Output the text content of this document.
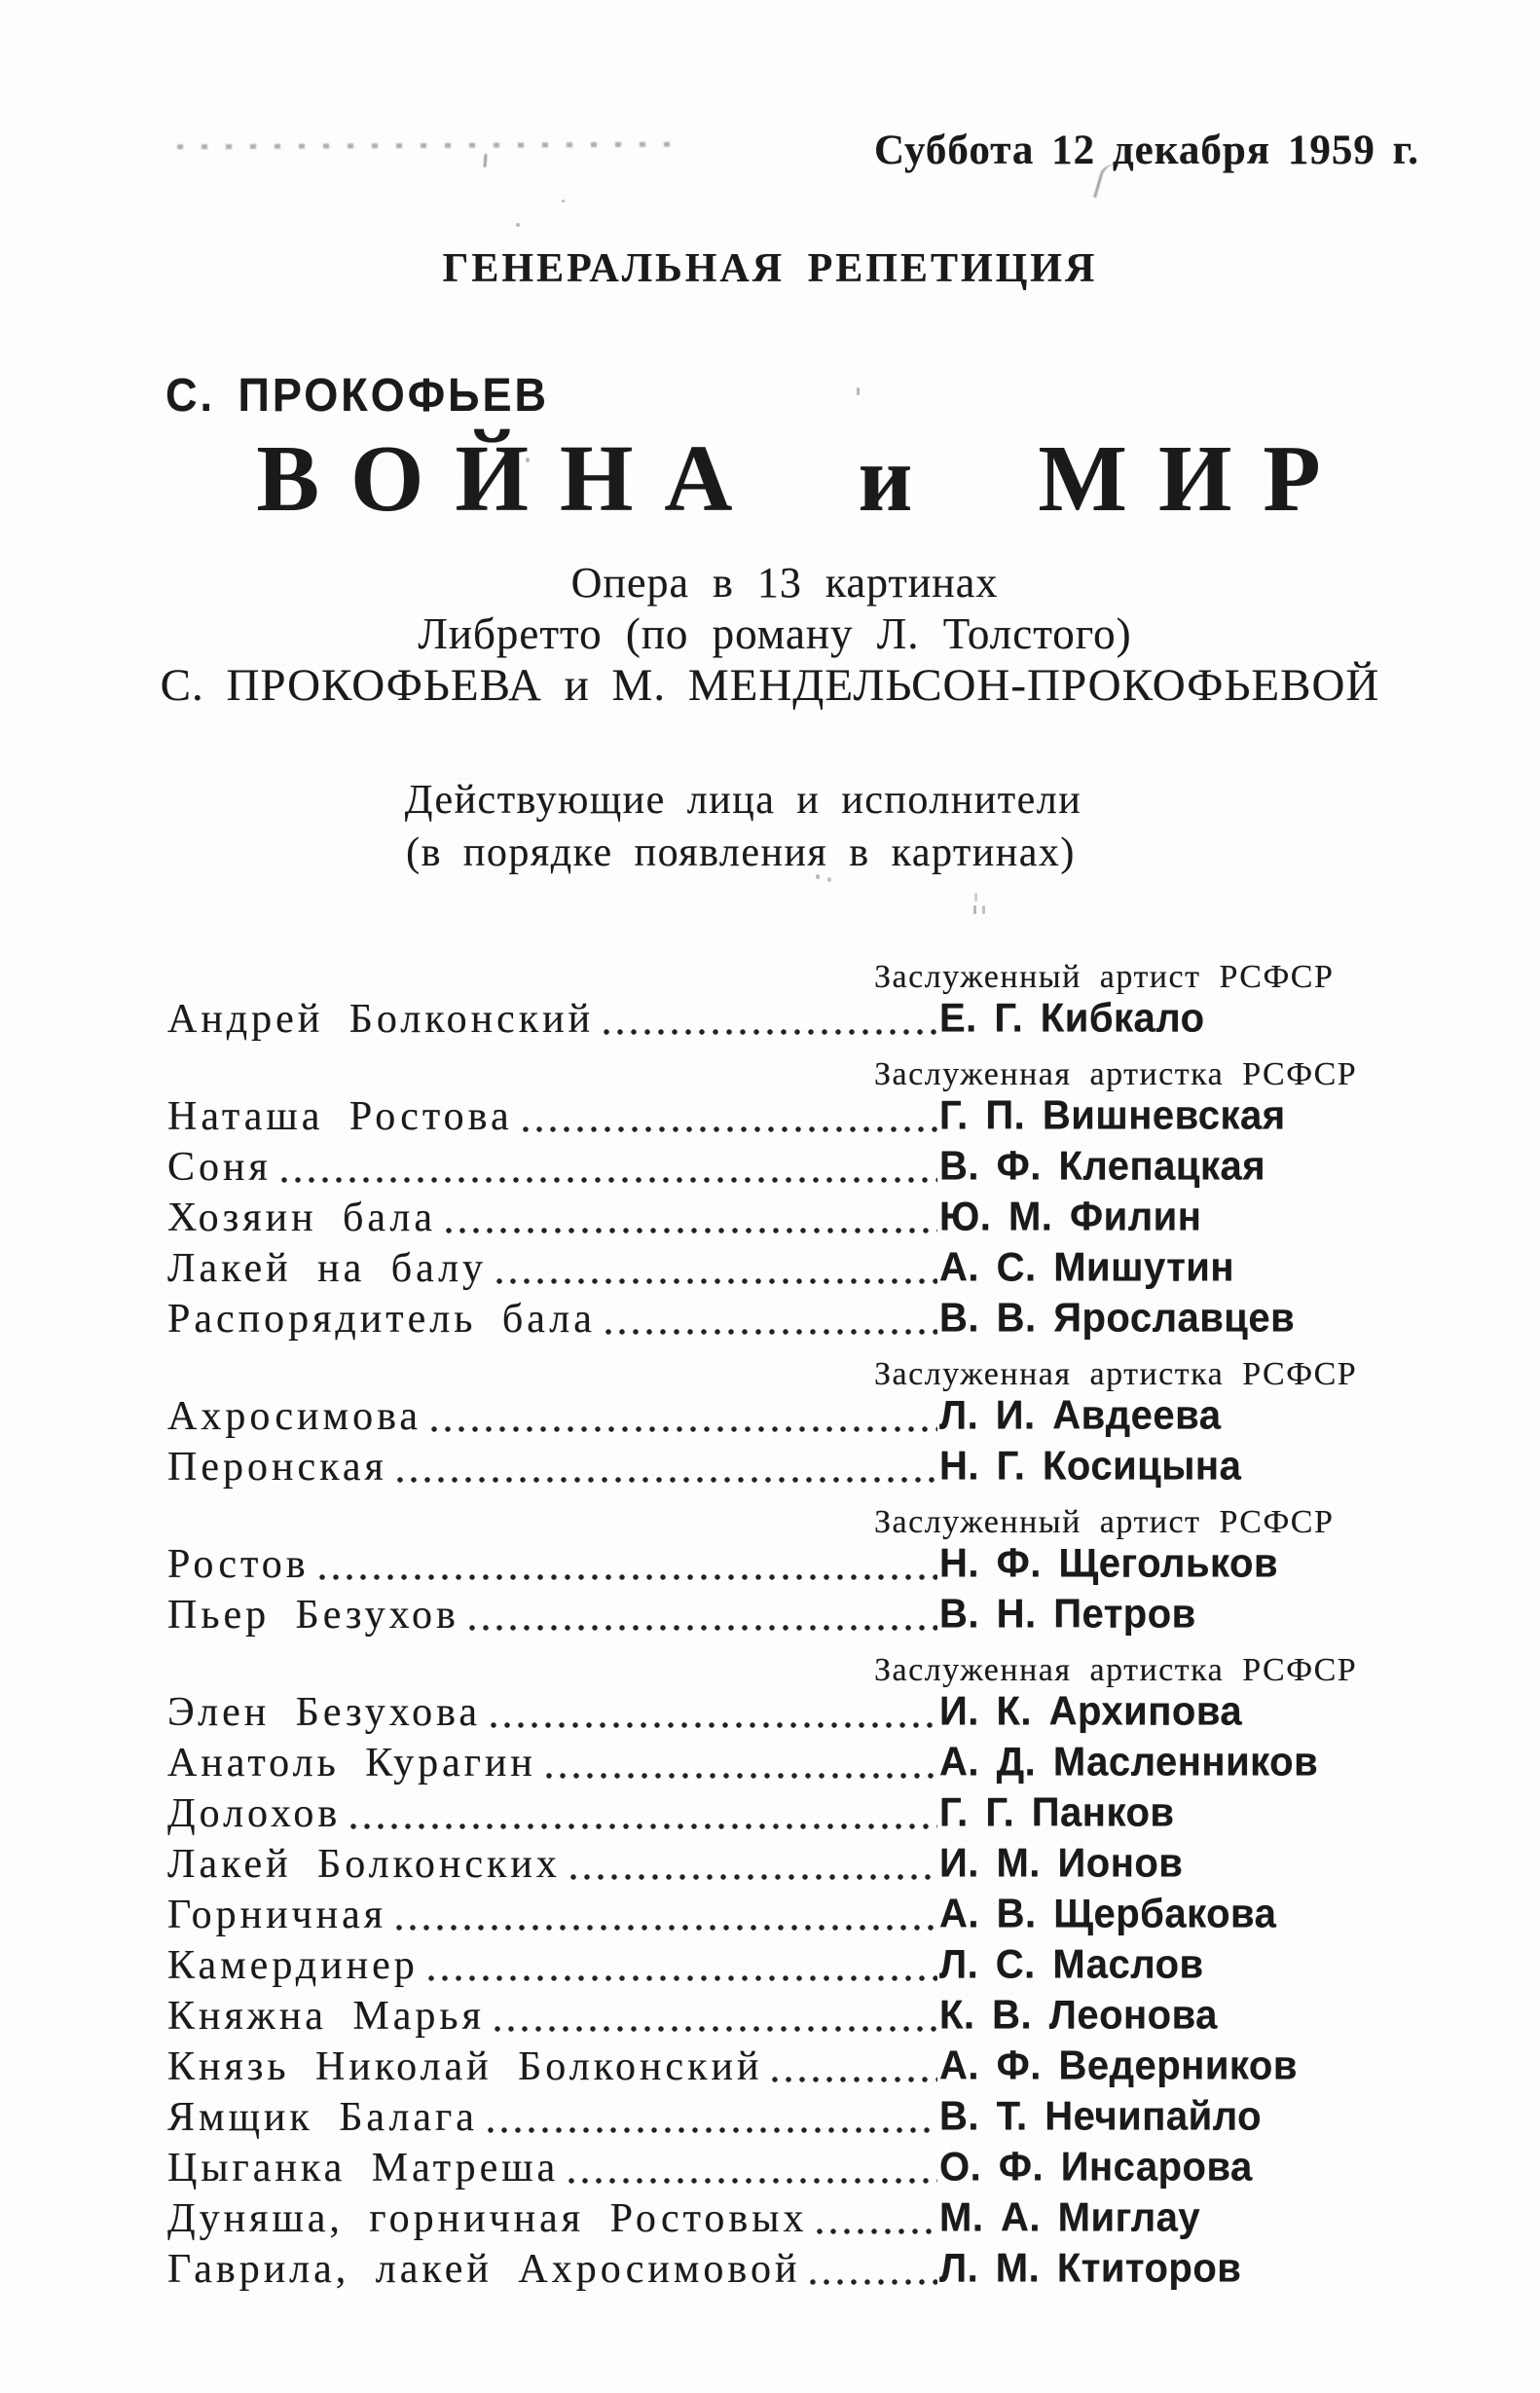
Суббота 12 декабря 1959 г.
ГЕНЕРАЛЬНАЯ РЕПЕТИЦИЯ
С. ПРОКОФЬЕВ
ВОЙНА и МИР
Опера в 13 картинах
Либретто (по роману Л. Толстого)
С. ПРОКОФЬЕВА и М. МЕНДЕЛЬСОН-ПРОКОФЬЕВОЙ
Действующие лица и исполнители
(в порядке появления в картинах)
Заслуженный артист РСФСР
Андрей Болконский	Е. Г. Кибкало
Заслуженная артистка РСФСР
Наташа Ростова	Г. П. Вишневская
Соня	В. Ф. Клепацкая
Хозяин бала	Ю. М. Филин
Лакей на балу	А. С. Мишутин
Распорядитель бала	В. В. Ярославцев
Заслуженная артистка РСФСР
Ахросимова	Л. И. Авдеева
Перонская	Н. Г. Косицына
Заслуженный артист РСФСР
Ростов	Н. Ф. Щегольков
Пьер Безухов	В. Н. Петров
Заслуженная артистка РСФСР
Элен Безухова	И. К. Архипова
Анатоль Курагин	А. Д. Масленников
Долохов	Г. Г. Панков
Лакей Болконских	И. М. Ионов
Горничная	А. В. Щербакова
Камердинер	Л. С. Маслов
Княжна Марья	К. В. Леонова
Князь Николай Болконский	А. Ф. Ведерников
Ямщик Балага	В. Т. Нечипайло
Цыганка Матреша	О. Ф. Инсарова
Дуняша, горничная Ростовых	М. А. Миглау
Гаврила, лакей Ахросимовой	Л. М. Ктиторов
